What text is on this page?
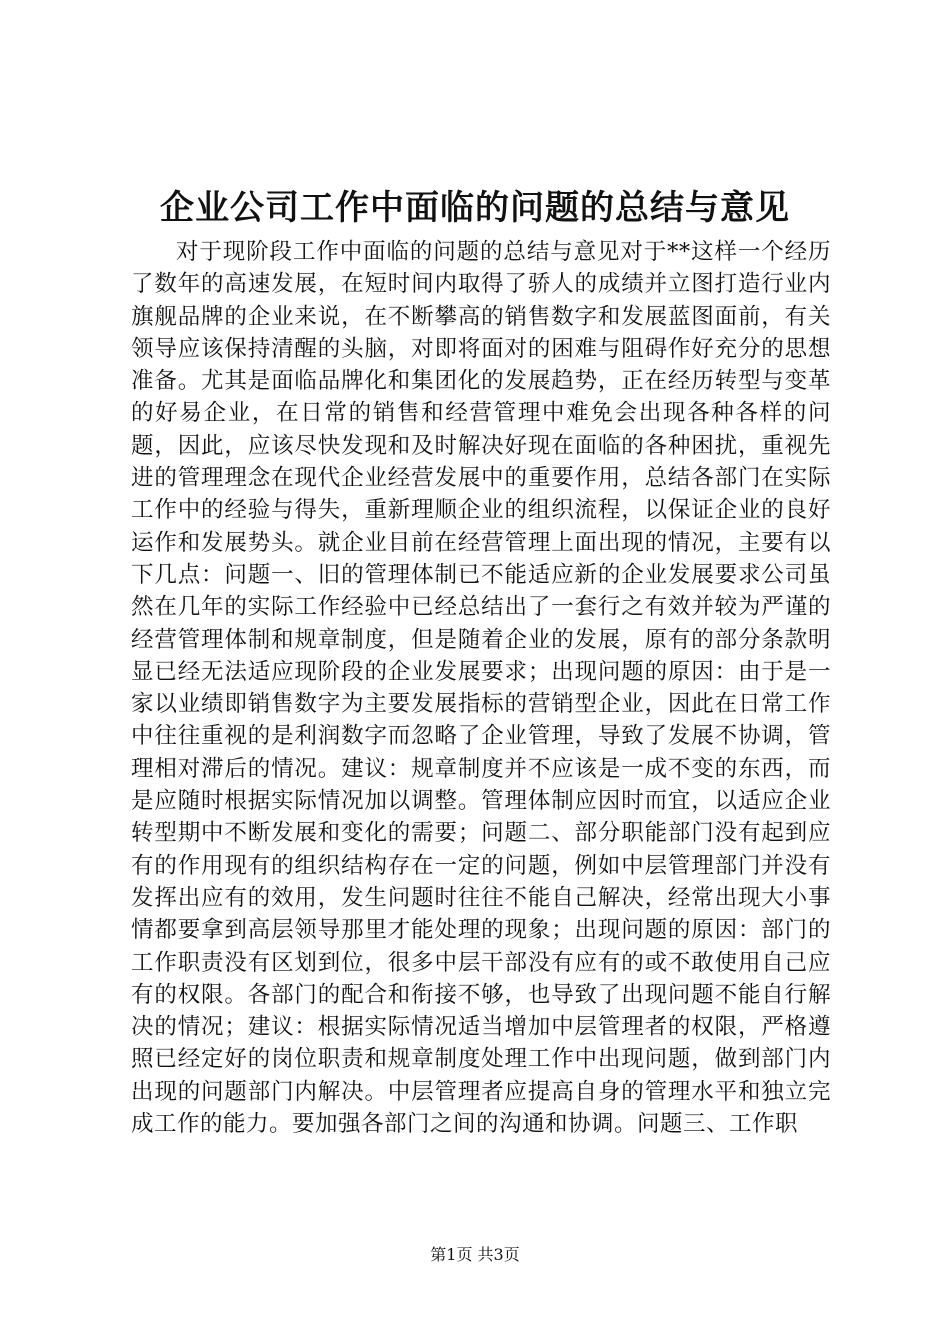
企业公司工作中面临的问题的总结与意见

对于现阶段工作中面临的问题的总结与意见对于**这样一个经历了数年的高速发展，在短时间内取得了骄人的成绩并立图打造行业内旗舰品牌的企业来说，在不断攀高的销售数字和发展蓝图面前，有关领导应该保持清醒的头脑，对即将面对的困难与阻碍作好充分的思想准备。尤其是面临品牌化和集团化的发展趋势，正在经历转型与变革的好易企业，在日常的销售和经营管理中难免会出现各种各样的问题，因此，应该尽快发现和及时解决好现在面临的各种困扰，重视先进的管理理念在现代企业经营发展中的重要作用，总结各部门在实际工作中的经验与得失，重新理顺企业的组织流程，以保证企业的良好运作和发展势头。就企业目前在经营管理上面出现的情况，主要有以下几点：问题一、旧的管理体制已不能适应新的企业发展要求公司虽然在几年的实际工作经验中已经总结出了一套行之有效并较为严谨的经营管理体制和规章制度，但是随着企业的发展，原有的部分条款明显已经无法适应现阶段的企业发展要求；出现问题的原因：由于是一家以业绩即销售数字为主要发展指标的营销型企业，因此在日常工作中往往重视的是利润数字而忽略了企业管理，导致了发展不协调，管理相对滞后的情况。建议：规章制度并不应该是一成不变的东西，而是应随时根据实际情况加以调整。管理体制应因时而宜，以适应企业转型期中不断发展和变化的需要；问题二、部分职能部门没有起到应有的作用现有的组织结构存在一定的问题，例如中层管理部门并没有发挥出应有的效用，发生问题时往往不能自己解决，经常出现大小事情都要拿到高层领导那里才能处理的现象；出现问题的原因：部门的工作职责没有区划到位，很多中层干部没有应有的或不敢使用自己应有的权限。各部门的配合和衔接不够，也导致了出现问题不能自行解决的情况；建议：根据实际情况适当增加中层管理者的权限，严格遵照已经定好的岗位职责和规章制度处理工作中出现问题，做到部门内出现的问题部门内解决。中层管理者应提高自身的管理水平和独立完成工作的能力。要加强各部门之间的沟通和协调。问题三、工作职

第1页 共3页
